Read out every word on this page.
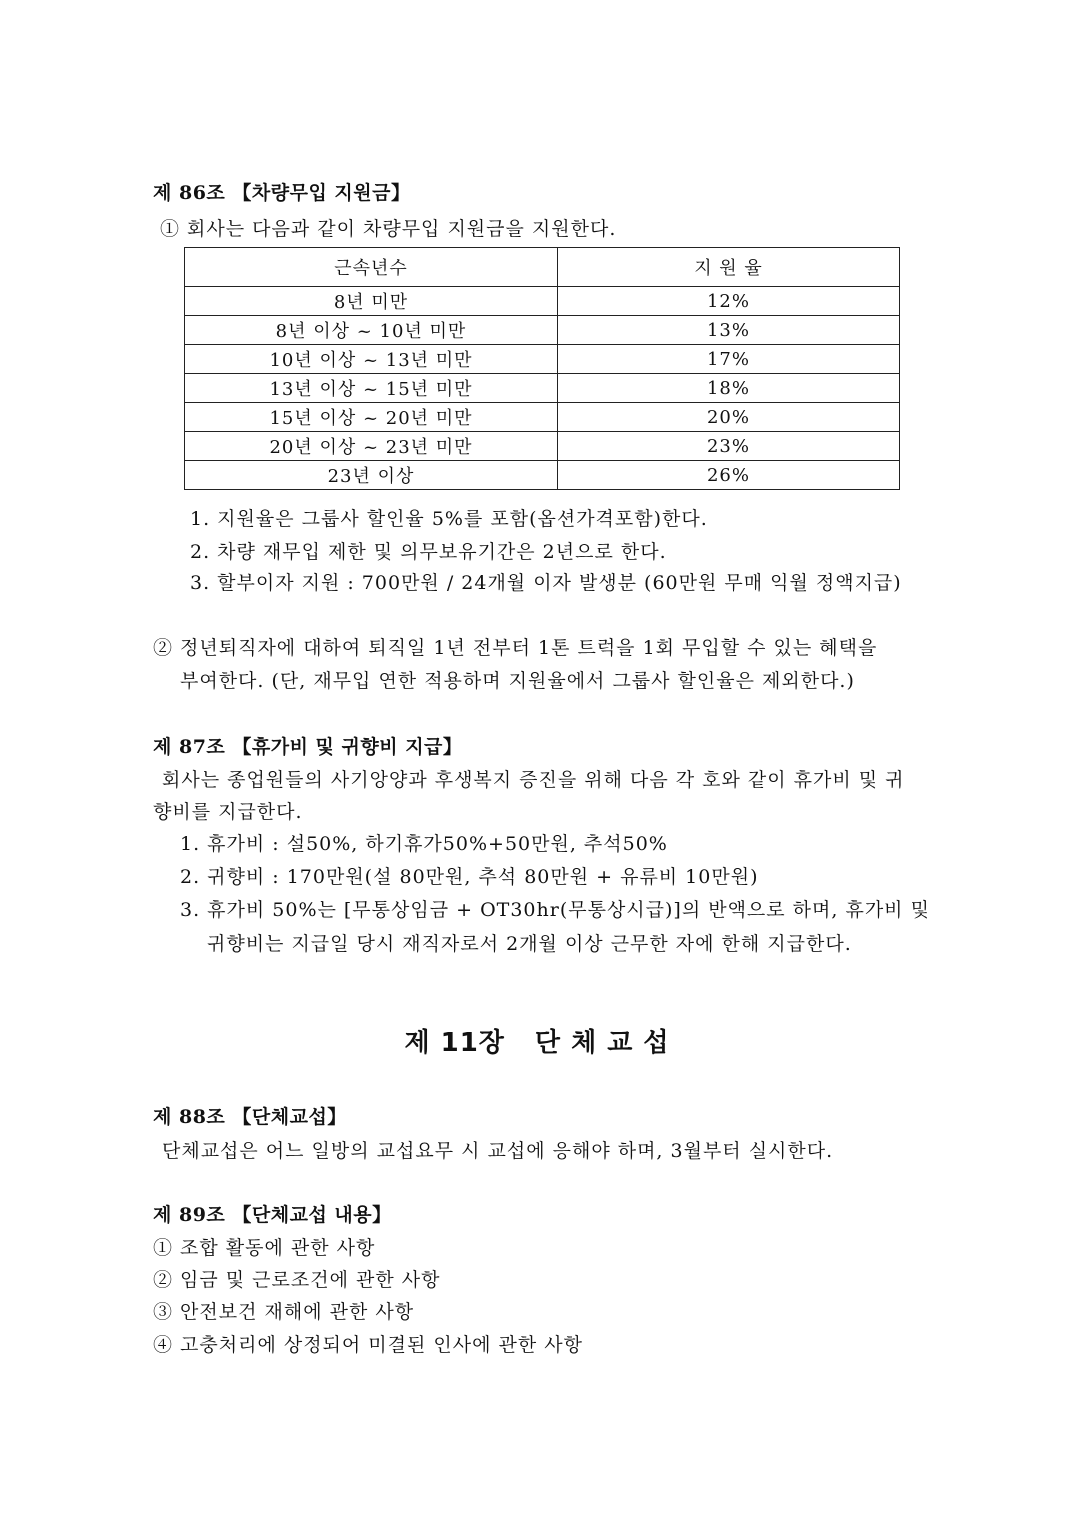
제 86조 【차량무입 지원금】
① 회사는 다음과 같이 차량무입 지원금을 지원한다.
근속년수	지 원 율
8년 미만	12%
8년 이상 ~ 10년 미만	13%
10년 이상 ~ 13년 미만	17%
13년 이상 ~ 15년 미만	18%
15년 이상 ~ 20년 미만	20%
20년 이상 ~ 23년 미만	23%
23년 이상	26%
1. 지원율은 그룹사 할인율 5%를 포함(옵션가격포함)한다.
2. 차량 재무입 제한 및 의무보유기간은 2년으로 한다.
3. 할부이자 지원 : 700만원 / 24개월 이자 발생분 (60만원 무매 익월 정액지급)
② 정년퇴직자에 대하여 퇴직일 1년 전부터 1톤 트럭을 1회 무입할 수 있는 혜택을
부여한다. (단, 재무입 연한 적용하며 지원율에서 그룹사 할인율은 제외한다.)
제 87조 【휴가비 및 귀향비 지급】
회사는 종업원들의 사기앙양과 후생복지 증진을 위해 다음 각 호와 같이 휴가비 및 귀
향비를 지급한다.
1. 휴가비 : 설50%, 하기휴가50%+50만원, 추석50%
2. 귀향비 : 170만원(설 80만원, 추석 80만원 + 유류비 10만원)
3. 휴가비 50%는 [무통상임금 + OT30hr(무통상시급)]의 반액으로 하며, 휴가비 및
귀향비는 지급일 당시 재직자로서 2개월 이상 근무한 자에 한해 지급한다.
제 11장 단 체 교 섭
제 88조 【단체교섭】
단체교섭은 어느 일방의 교섭요무 시 교섭에 응해야 하며, 3월부터 실시한다.
제 89조 【단체교섭 내용】
① 조합 활동에 관한 사항
② 임금 및 근로조건에 관한 사항
③ 안전보건 재해에 관한 사항
④ 고충처리에 상정되어 미결된 인사에 관한 사항
